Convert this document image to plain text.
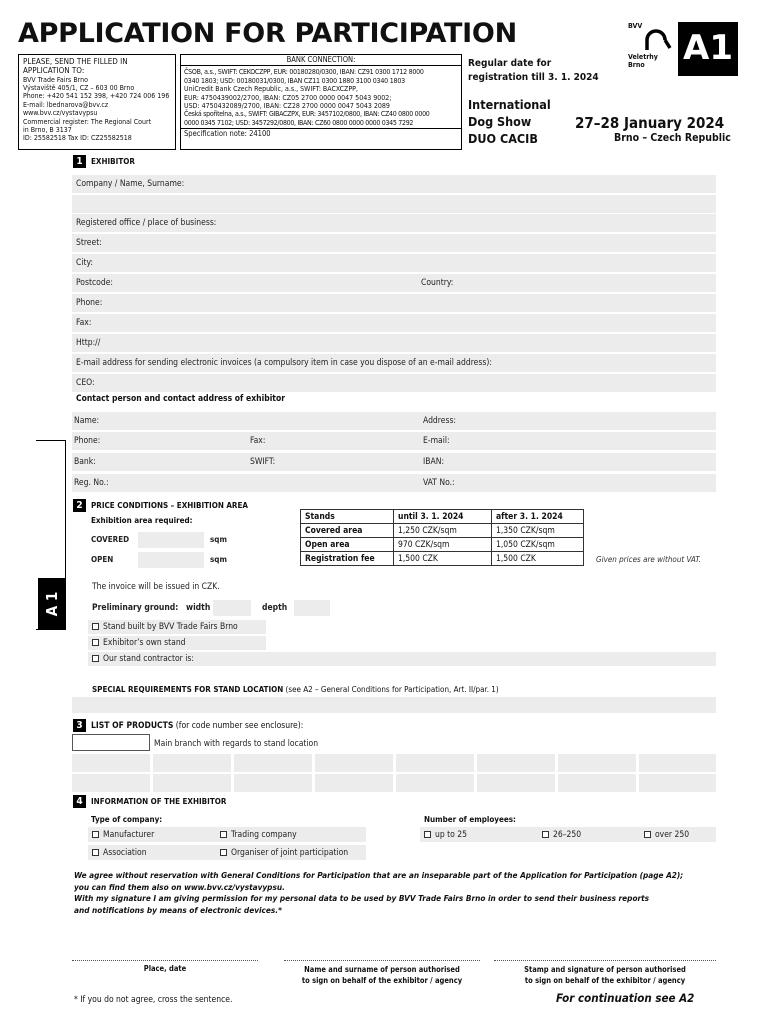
APPLICATION FOR PARTICIPATION
PLEASE, SEND THE FILLED IN APPLICATION TO:
BVV Trade Fairs Brno
Výstaviště 405/1, CZ – 603 00 Brno
Phone: +420 541 152 398, +420 724 006 196
E-mail: lbednarova@bvv.cz
www.bvv.cz/vystavypsu
Commercial register: The Regional Court
in Brno, B 3137
ID: 25582518 Tax ID: CZ25582518
BANK CONNECTION:
ČSOB, a.s., SWIFT: CEKOCZPP, EUR: 00180280/0300, IBAN: CZ91 0300 1712 8000
0340 1803; USD: 00180031/0300, IBAN CZ11 0300 1880 3100 0340 1803
UniCredit Bank Czech Republic, a.s., SWIFT: BACXCZPP,
EUR: 4750439002/2700, IBAN: CZ05 2700 0000 0047 5043 9002;
USD: 4750432089/2700, IBAN: CZ28 2700 0000 0047 5043 2089
Česká spořitelna, a.s., SWIFT: GIBACZPX, EUR: 3457102/0800, IBAN: CZ40 0800 0000
0000 0345 7102; USD: 3457292/0800, IBAN: CZ60 0800 0000 0000 0345 7292
Specification note: 24100
Regular date for
registration till 3. 1. 2024
International
Dog Show
DUO CACIB
27–28 January 2024
Brno – Czech Republic
BVV
Veletrhy
Brno A1
1	EXHIBITOR
Company / Name, Surname:
Registered office / place of business:
Street:
City:
Postcode:	Country:
Phone:
Fax:
Http://
E-mail address for sending electronic invoices (a compulsory item in case you dispose of an e-mail address):
CEO:
Contact person and contact address of exhibitor
Name:	Address:
Phone:	Fax:	E-mail:
Bank:	SWIFT:	IBAN:
Reg. No.:	VAT No.:
A 1
2	PRICE CONDITIONS – EXHIBITION AREA
Exhibition area required:
COVERED	sqm
OPEN	sqm
Stands	until 3. 1. 2024	after 3. 1. 2024
Covered area	1,250 CZK/sqm	1,350 CZK/sqm
Open area	970 CZK/sqm	1,050 CZK/sqm
Registration fee	1,500 CZK	1,500 CZK	Given prices are without VAT.
The invoice will be issued in CZK.
Preliminary ground: width	depth
Stand built by BVV Trade Fairs Brno
Exhibitor’s own stand
Our stand contractor is:
SPECIAL REQUIREMENTS FOR STAND LOCATION (see A2 – General Conditions for Participation, Art. II/par. 1)
3 LIST OF PRODUCTS (for code number see enclosure):
Main branch with regards to stand location
4	INFORMATION OF THE EXHIBITOR
Type of company:	Number of employees:
Manufacturer	Trading company
Association	Organiser of joint participation
up to 25	26–250	over 250
We agree without reservation with General Conditions for Participation that are an inseparable part of the Application for Participation (page A2);
you can find them also on www.bvv.cz/vystavypsu.
With my signature I am giving permission for my personal data to be used by BVV Trade Fairs Brno in order to send their business reports
and notifications by means of electronic devices.*
Place, date	Name and surname of person authorised
to sign on behalf of the exhibitor / agency
Stamp and signature of person authorised
to sign on behalf of the exhibitor / agency
* If you do not agree, cross the sentence.	For continuation see A2
